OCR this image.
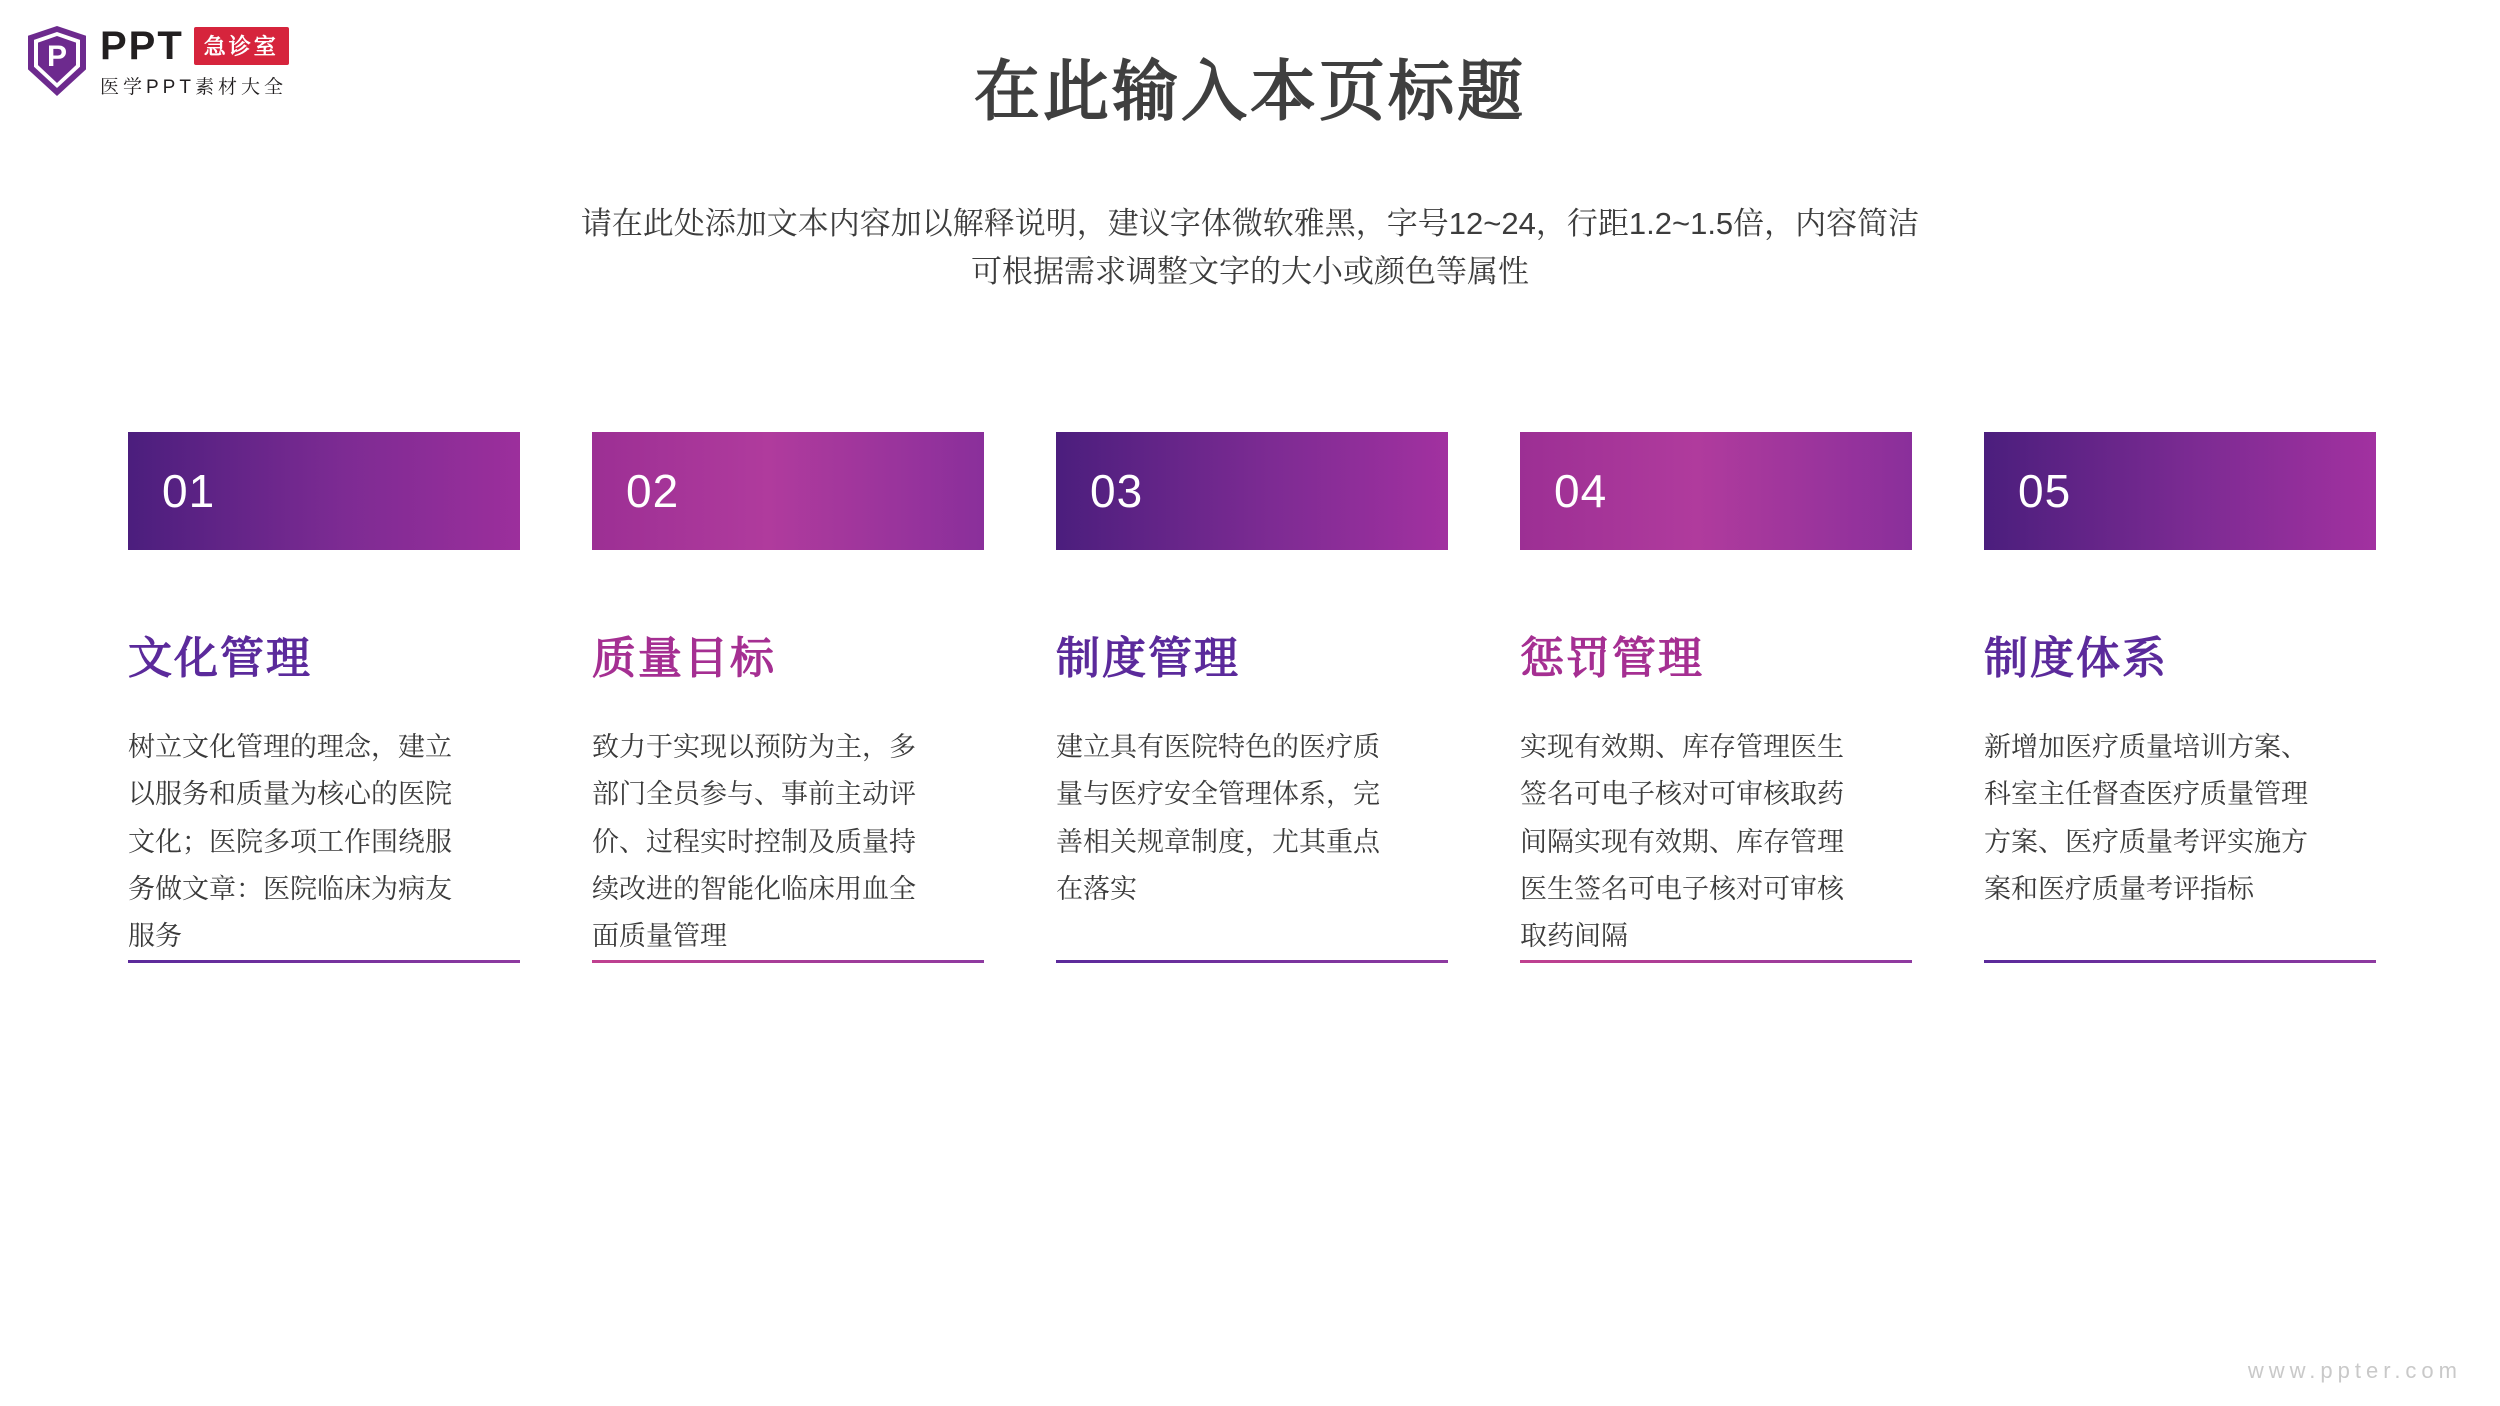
P PPT 急诊室
医学PPT素材大全	在此输入本页标题
请在此处添加文本内容加以解释说明，建议字体微软雅黑，字号12~24，行距1.2~1.5倍，内容简洁
可根据需求调整文字的大小或颜色等属性
01
文化管理
树立文化管理的理念，建立以服务和质量为核心的医院文化；医院多项工作围绕服务做文章：医院临床为病友服务
02
质量目标
致力于实现以预防为主，多部门全员参与、事前主动评价、过程实时控制及质量持续改进的智能化临床用血全面质量管理
03
制度管理
建立具有医院特色的医疗质量与医疗安全管理体系，完善相关规章制度，尤其重点在落实
04
惩罚管理
实现有效期、库存管理医生签名可电子核对可审核取药间隔实现有效期、库存管理医生签名可电子核对可审核取药间隔
05
制度体系
新增加医疗质量培训方案、科室主任督查医疗质量管理方案、医疗质量考评实施方案和医疗质量考评指标
www.ppter.com
